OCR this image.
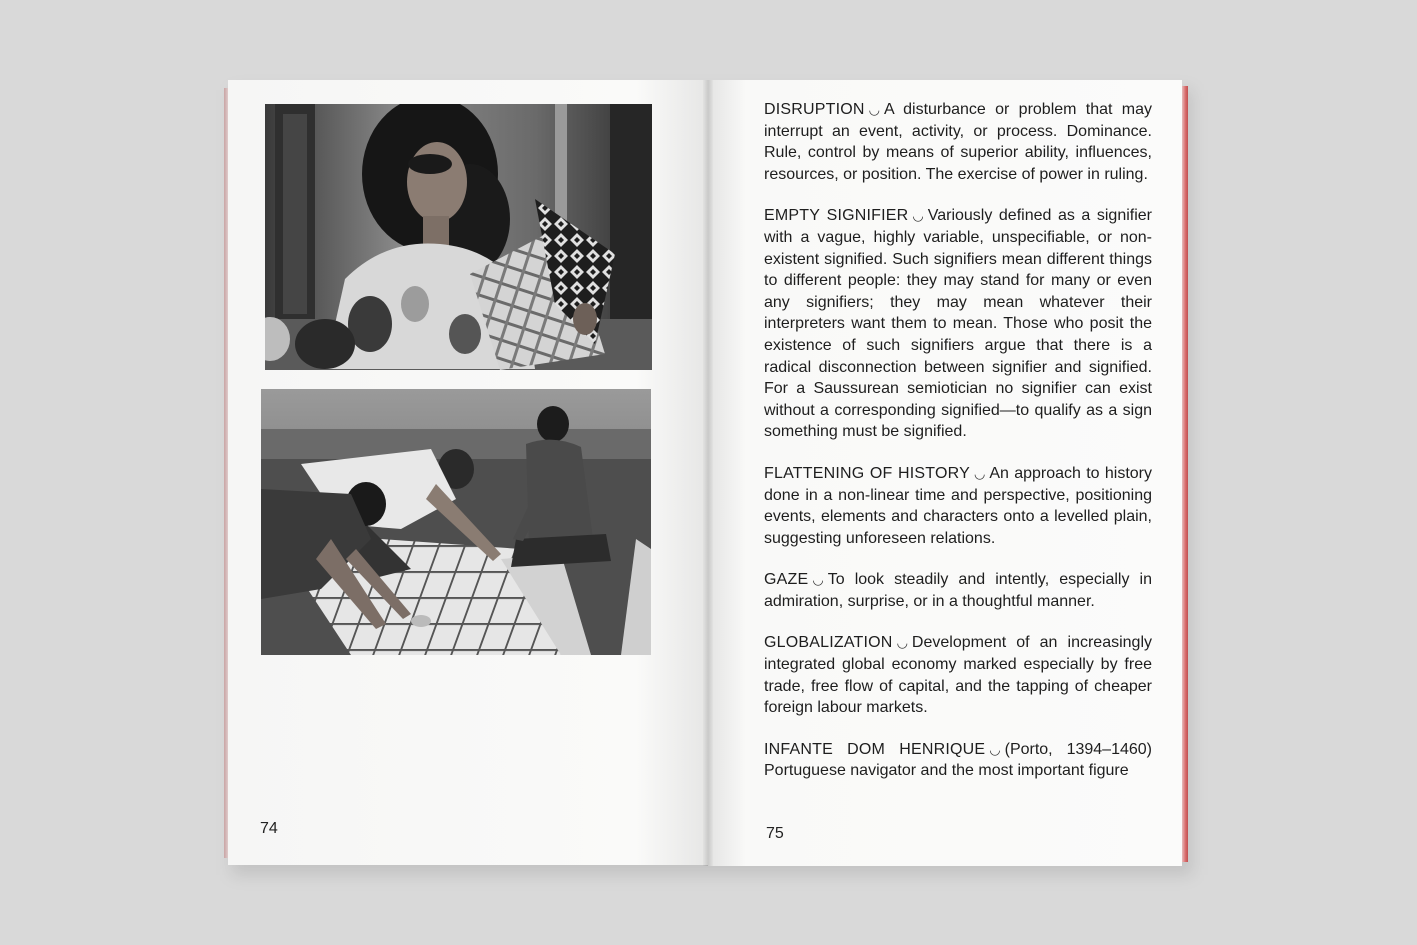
74	75

DISRUPTION ◡ A disturbance or problem that may interrupt an event, activity, or process. Dominance. Rule, control by means of superior ability, influences, resources, or position. The exercise of power in ruling.

EMPTY SIGNIFIER ◡ Variously defined as a signifier with a vague, highly variable, unspecifiable, or non-existent signified. Such signifiers mean different things to different people: they may stand for many or even any signifiers; they may mean whatever their interpreters want them to mean. Those who posit the existence of such signifiers argue that there is a radical disconnection between signifier and signified. For a Saussurean semiotician no signifier can exist without a corresponding signified—to qualify as a sign something must be signified.

FLATTENING OF HISTORY ◡ An approach to history done in a non-linear time and perspective, positioning events, elements and characters onto a levelled plain, suggesting unforeseen relations.

GAZE ◡ To look steadily and intently, especially in admiration, surprise, or in a thoughtful manner.

GLOBALIZATION ◡ Development of an increasingly integrated global economy marked especially by free trade, free flow of capital, and the tapping of cheaper foreign labour markets.

INFANTE DOM HENRIQUE ◡ (Porto, 1394–1460) Portuguese navigator and the most important figure
